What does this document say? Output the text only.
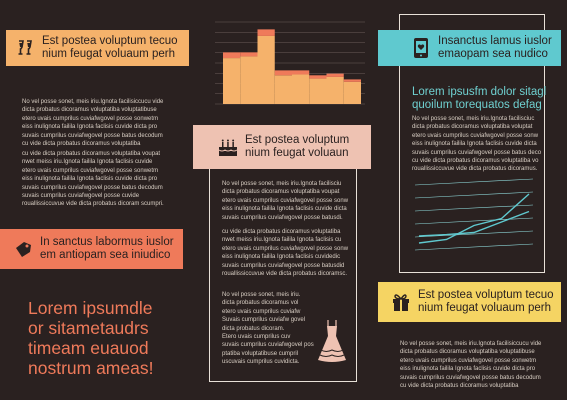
Est postea voluptum tecuo
nium feugat voluaum perh
No vel posse sonet, meis iriu.Ignota facilisiccucu vide
dicta probatus dicoramus voluptatiba voluptatibuse
etero uvais cumprilus cuviafwgovel posse sonwetm
eiss inulignota failila Ignota faclisis cuvide dicta pro
suvais cumprilus cuviafwgovel posse batus decodum
cu vide dicta probatus dicoramus voluptatiba
cu vide dicta probatus dicoramus voluptatiba voupat
nwet meiss iriu.Ignota failila Ignota faclisis cuvide
etero uvais cumprilus cuviafwgovel posse sonwetm
eiss inulignota failila Ignota faclisis cuvide dicta pro
suvais cumprilus cuviafwgovel posse batus decodum
suvais cumprilus cuviafwgovel posse cuvide
rouallissiccuvue vide dicta probatus dicoram scumpri.
In sanctus labormus iuslor
em antiopam sea iniudico
Lorem ipsumdle
or sitametaudrs
timeam euauod
nostrum ameas!
Est postea voluptum
nium feugat voluaun
No vel posse sonet, meis iriu.Ignota facilisciu
dicta probatus dicoramus voluptatiba voupat
etero uvais cumprilus cuviafwgovel posse sonw
eiss inulignota failila Ignota faclisis cuvide dicta
suvais cumprilus cuviafwgovel posse batusdi.
cu vide dicta probatus dicoramus voluptatiba
nwet meiss iriu.Ignota failila Ignota faclisis cu
etero uvais cumprilus cuviafwgovel posse sonw
eiss inulignota failila Ignota faclisis cuvidedic
suvais cumprilus cuviafwgovel posse batusdid
rouallissiccuvue vide dicta probatus dicoramsc.
No vel posse sonet, meis iriu.
dicta probatus dicoramus vol
etero uvais cumprilus cuviafw
Suvais cumprilus cuviafw govel
dicta probatus dicoram.
Etero uvais cumprilus cuv
suvais cumprilus cuviafwgovel pos
ptatiba voluptatibuse cumpril
uscuvais cumprilus cuvidicta.
Insanctus lamus iuslor
emaopam sea nudico
Lorem ipsusfm dolor sitagl
quoilum torequatos defag
No vel posse sonet, meis iriu.Ignota facilisciuc
dicta probatus dicoramus voluptatiba voluptat
etero uvais cumprilus cuviafwgovel posse sonw
eiss inulignota failila Ignota faclisis cuvide dicta
suvais cumprilus cuviafwgovel posse batus deco
cu vide dicta probatus dicoramus voluptatiba vo
rouallissiccuvue vide dicta probatus dicoramus.
Est postea voluptum tecuo
nium feugat voluaum perh
No vel posse sonet, meis iriu.Ignota facilisiccucu vide
dicta probatus dicoramus voluptatiba voluptatibuse
etero uvais cumprilus cuviafwgovel posse sonwetm
eiss inulignota failila Ignota faclisis cuvide dicta pro
suvais cumprilus cuviafwgovel posse batus decodum
cu vide dicta probatus dicoramus voluptatiba
